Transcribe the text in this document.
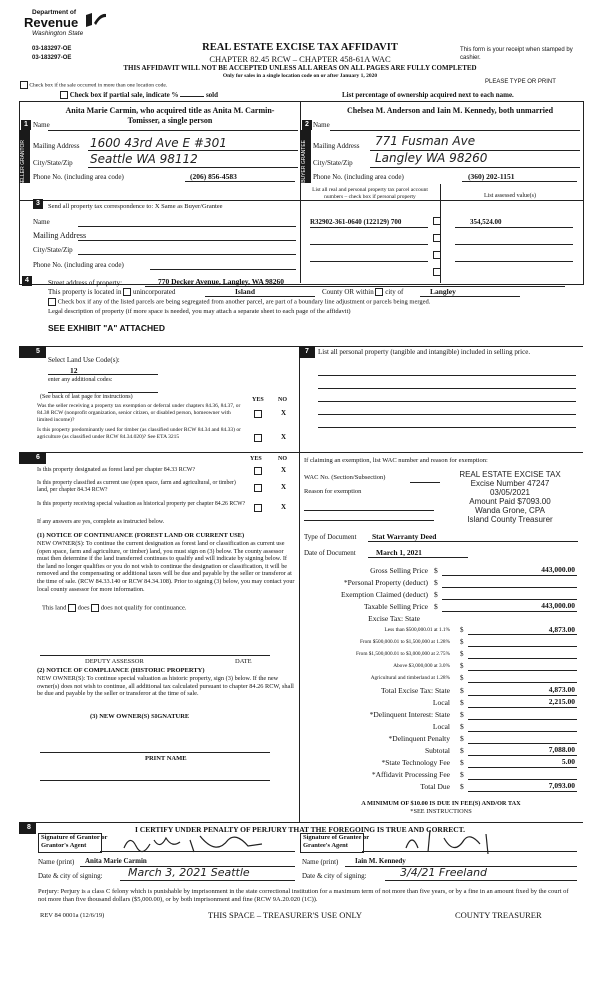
Department of
Revenue
Washington State
03-183297-OE
03-183297-OE
REAL ESTATE EXCISE TAX AFFIDAVIT
CHAPTER 82.45 RCW – CHAPTER 458-61A WAC
THIS AFFIDAVIT WILL NOT BE ACCEPTED UNLESS ALL AREAS ON ALL PAGES ARE FULLY COMPLETED
Only for sales in a single location code on or after January 1, 2020
This form is your receipt when stamped by cashier.
PLEASE TYPE OR PRINT
Check box if the sale occurred in more than one location code.
Check box if partial sale, indicate %	sold	List percentage of ownership acquired next to each name.
1
Anita Marie Carmin, who acquired title as Anita M. Carmin-Tomisser, a single person
Name
SELLER GRANTOR	Mailing Address 1600 43rd Ave E #301
City/State/Zip Seattle WA 98112
Phone No. (including area code)	(206) 856-4583
2
Chelsea M. Anderson and Iain M. Kennedy, both unmarried
Name
BUYER GRANTEE Mailing Address 771 Fusman Ave
City/State/Zip Langley WA 98260
Phone No. (including area code)	(360) 202-1151
3	Send all property tax correspondence to: X Same as Buyer/Grantee
Name
Mailing Address
City/State/Zip
Phone No. (including area code)
List all real and personal property tax parcel account numbers – check box if personal property	List assessed value(s)
R32902-361-0640 (122129) 700	354,524.00
4	Street address of property:	770 Decker Avenue, Langley, WA 98260
This property is located in unincorporated	Island	County OR within city of	Langley
Check box if any of the listed parcels are being segregated from another parcel, are part of a boundary line adjustment or parcels being merged.
Legal description of property (if more space is needed, you may attach a separate sheet to each page of the affidavit)
SEE EXHIBIT "A" ATTACHED
5
Select Land Use Code(s):
12
enter any additional codes:
(See back of last page for instructions)	YES NO
Was the seller receiving a property tax exemption or deferral under chapters 84.36, 84.37, or 84.38 RCW (nonprofit organization, senior citizen, or disabled person, homeowner with limited income)?
X
Is this property predominantly used for timber (as classified under RCW 84.34 and 84.33) or agriculture (as classified under RCW 84.34.020)? See ETA 3215	X
7	List all personal property (tangible and intangible) included in selling price.
6	YES	NO
Is this property designated as forest land per chapter 84.33 RCW?	X
Is this property classified as current use (open space, farm and agricultural, or timber) land, per chapter 84.34 RCW?	X
Is this property receiving special valuation as historical property per chapter 84.26 RCW?	X
If any answers are yes, complete as instructed below.
(1) NOTICE OF CONTINUANCE (FOREST LAND OR CURRENT USE)
NEW OWNER(S): To continue the current designation as forest land or classification as current use (open space, farm and agriculture, or timber) land, you must sign on (3) below. The county assessor must then determine if the land transferred continues to qualify and will indicate by signing below. If the land no longer qualifies or you do not wish to continue the designation or classification, it will be removed and the compensating or additional taxes will be due and payable by the seller or transferor at the time of sale. (RCW 84.33.140 or RCW 84.34.108). Prior to signing (3) below, you may contact your local county assessor for more information.
This land does does not qualify for continuance.
DEPUTY ASSESSOR	DATE
(2) NOTICE OF COMPLIANCE (HISTORIC PROPERTY)
NEW OWNER(S): To continue special valuation as historic property, sign (3) below. If the new owner(s) does not wish to continue, all additional tax calculated pursuant to chapter 84.26 RCW, shall be due and payable by the seller or transferor at the time of sale.
(3) NEW OWNER(S) SIGNATURE
PRINT NAME
If claiming an exemption, list WAC number and reason for exemption:
WAC No. (Section/Subsection)
Reason for exemption
REAL ESTATE EXCISE TAX
Excise Number 47247
03/05/2021
Amount Paid $7093.00
Wanda Grone, CPA
Island County Treasurer
Type of Document Stat Warranty Deed
Date of Document	March 1, 2021
Gross Selling Price $	443,000.00
*Personal Property (deduct) $
Exemption Claimed (deduct) $
Taxable Selling Price $	443,000.00
Excise Tax: State
Less than $500,000.01 at 1.1% $	4,873.00
From $500,000.01 to $1,500,000 at 1.28% $
From $1,500,000.01 to $3,000,000 at 2.75% $
Above $3,000,000 at 3.0% $
Agricultural and timberland at 1.28% $
Total Excise Tax: State $	4,873.00
Local $	2,215.00
*Delinquent Interest: State $
Local $
*Delinquent Penalty $
Subtotal $	7,088.00
*State Technology Fee $	5.00
*Affidavit Processing Fee $
Total Due $	7,093.00
A MINIMUM OF $10.00 IS DUE IN FEE(S) AND/OR TAX
*SEE INSTRUCTIONS
8	I CERTIFY UNDER PENALTY OF PERJURY THAT THE FOREGOING IS TRUE AND CORRECT.
Signature of Grantor or Grantor's Agent
Name (print) Anita Marie Carmin
Date & city of signing: March 3, 2021 Seattle
Signature of Grantee or Grantee's Agent
Name (print) Iain M. Kennedy
Date & city of signing:	3/4/21 Freeland
Perjury: Perjury is a class C felony which is punishable by imprisonment in the state correctional institution for a maximum term of not more than five years, or by a fine in an amount fixed by the court of not more than five thousand dollars ($5,000.00), or by both imprisonment and fine (RCW 9A.20.020 (1C)).
REV 84 0001a (12/6/19)	THIS SPACE – TREASURER'S USE ONLY	COUNTY TREASURER
